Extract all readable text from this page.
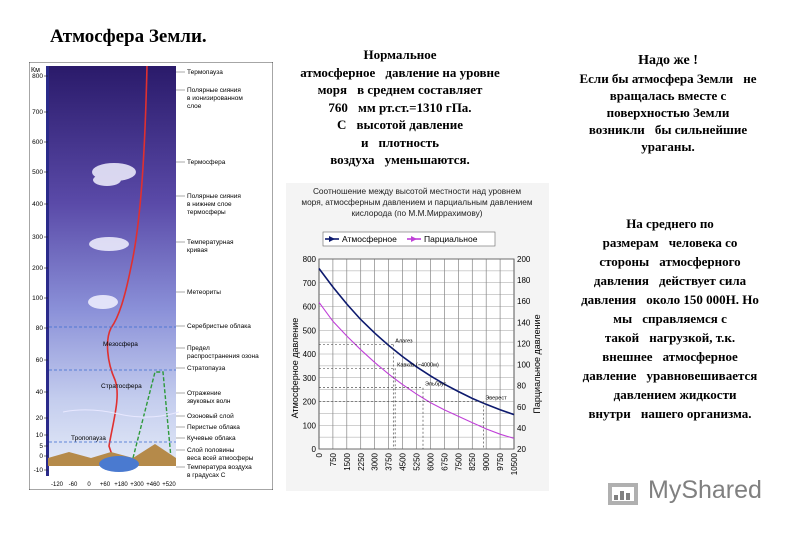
Атмосфера Земли.
Нормальное
атмосферное давление на уровне
моря в среднем составляет
760 мм рт.ст.=1310 гПа.
С высотой давление
и плотность
воздуха уменьшаются.
Надо же !
Если бы атмосфера Земли не
вращалась вместе с
поверхностью Земли
возникли бы сильнейшие
ураганы.
На среднего по
размерам человека со
стороны атмосферного
давления действует сила
давления около 150 000Н. Но
мы справляемся с
такой нагрузкой, т.к.
внешнее атмосферное
давление уравновешивается
 давлением жидкости
внутри нашего организма.
800
700
600
500
400
300
200
100
80
60
40
20
10
5
0
-10
Км
-120 -60 0 +60 +180 +300 +460 +520
Термопауза
Полярные сияния
в ионизированном
слое
Термосфера
Полярные сияния
в нижнем слое
термосферы
Температурная
кривая
Метеориты
Серебристые облака
Предел
распространения озона
Стратопауза
Отражение
звуковых волн
Озоновый слой
Перистые облака
Кучевые облака
Слой половины
веса всей атмосферы
Температура воздуха
в градусах С
Мезосфера
Стратосфера
Тропопауза
Соотношение между высотой местности над уровнем
моря, атмосферным давлением и парциальным давлением
кислорода (по М.М.Миррахимову)
0
100
200
300
400
500
600
700
800
20
40
60
80
100
120
140
160
180
200
0 750 1500 2250 3000 3750 4500 5250 6000 6750 7500 8250 9000 9750 10500
Атмосферное давление	Парциальное давление
Алагез
Кавказ (~4000м)
Эльбрус
Эверест
Атмосферное	Парциальное
MyShared
